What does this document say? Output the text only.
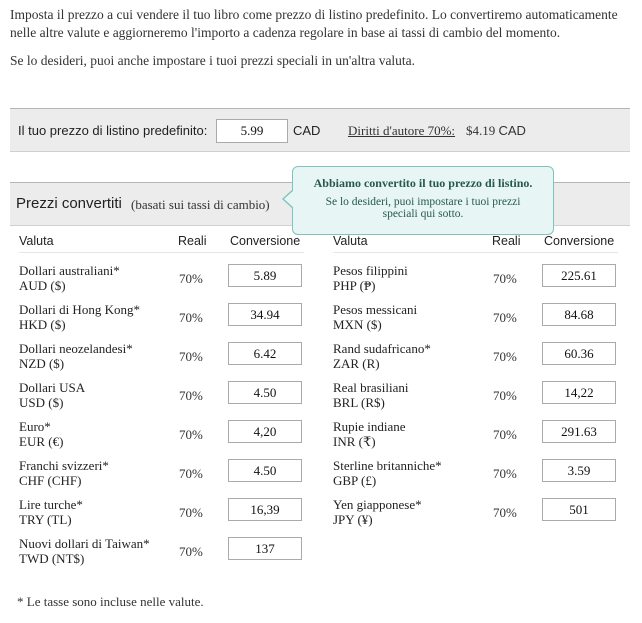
Imposta il prezzo a cui vendere il tuo libro come prezzo di listino predefinito. Lo convertiremo automaticamente nelle altre valute e aggiorneremo l'importo a cadenza regolare in base ai tassi di cambio del momento.

Se lo desideri, puoi anche impostare i tuoi prezzi speciali in un'altra valuta.

Il tuo prezzo di listino predefinito:	5.99	CAD Diritti d'autore 70%: $4.19 CAD
Prezzi convertiti (basati sui tassi di cambio)
Abbiamo convertito il tuo prezzo di listino.
Se lo desideri, puoi impostare i tuoi prezzi speciali qui sotto.
Valuta	Reali Conversione
Dollari australiani*
AUD ($)	70%	5.89
Dollari di Hong Kong*
HKD ($)	70%	34.94
Dollari neozelandesi*
NZD ($)	70%	6.42
Dollari USA
USD ($)	70%	4.50
Euro*
EUR (€)	70%	4,20
Franchi svizzeri*
CHF (CHF)	70%	4.50
Lire turche*
TRY (TL)	70%	16,39
Nuovi dollari di Taiwan*
TWD (NT$)	70%	137
Valuta	Reali Conversione
Pesos filippini
PHP (₱)	70%	225.61
Pesos messicani
MXN ($)	70%	84.68
Rand sudafricano*
ZAR (R)	70%	60.36
Real brasiliani
BRL (R$)	70%	14,22
Rupie indiane
INR (₹)	70%	291.63
Sterline britanniche*
GBP (£)	70%	3.59
Yen giapponese*
JPY (¥)	70%	501
* Le tasse sono incluse nelle valute.
